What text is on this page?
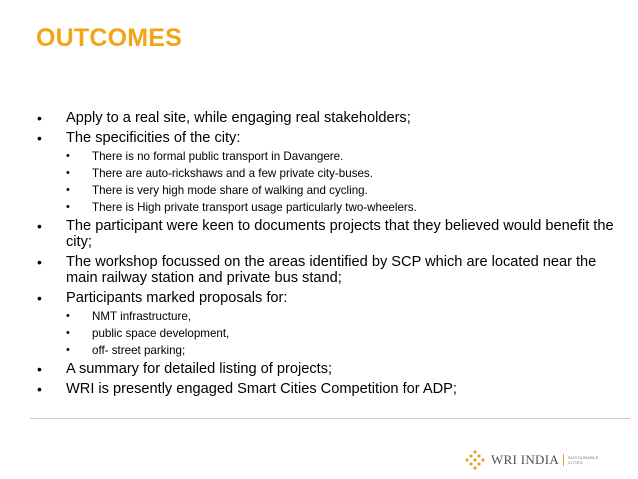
OUTCOMES
• Apply to a real site, while engaging real stakeholders;
• The specificities of the city:
• There is no formal public transport in Davangere.
• There are auto-rickshaws and a few private city-buses.
• There is very high mode share of walking and cycling.
• There is High private transport usage particularly two-wheelers.
• The participant were keen to documents projects that they believed would benefit the city;
• The workshop focussed on the areas identified by SCP which are located near the main railway station and private bus stand;
• Participants marked proposals for:
• NMT infrastructure,
• public space development,
• off- street parking;
• A summary for detailed listing of projects;
• WRI is presently engaged Smart Cities Competition for ADP;
WRI INDIA SUSTAINABLE
CITIES
